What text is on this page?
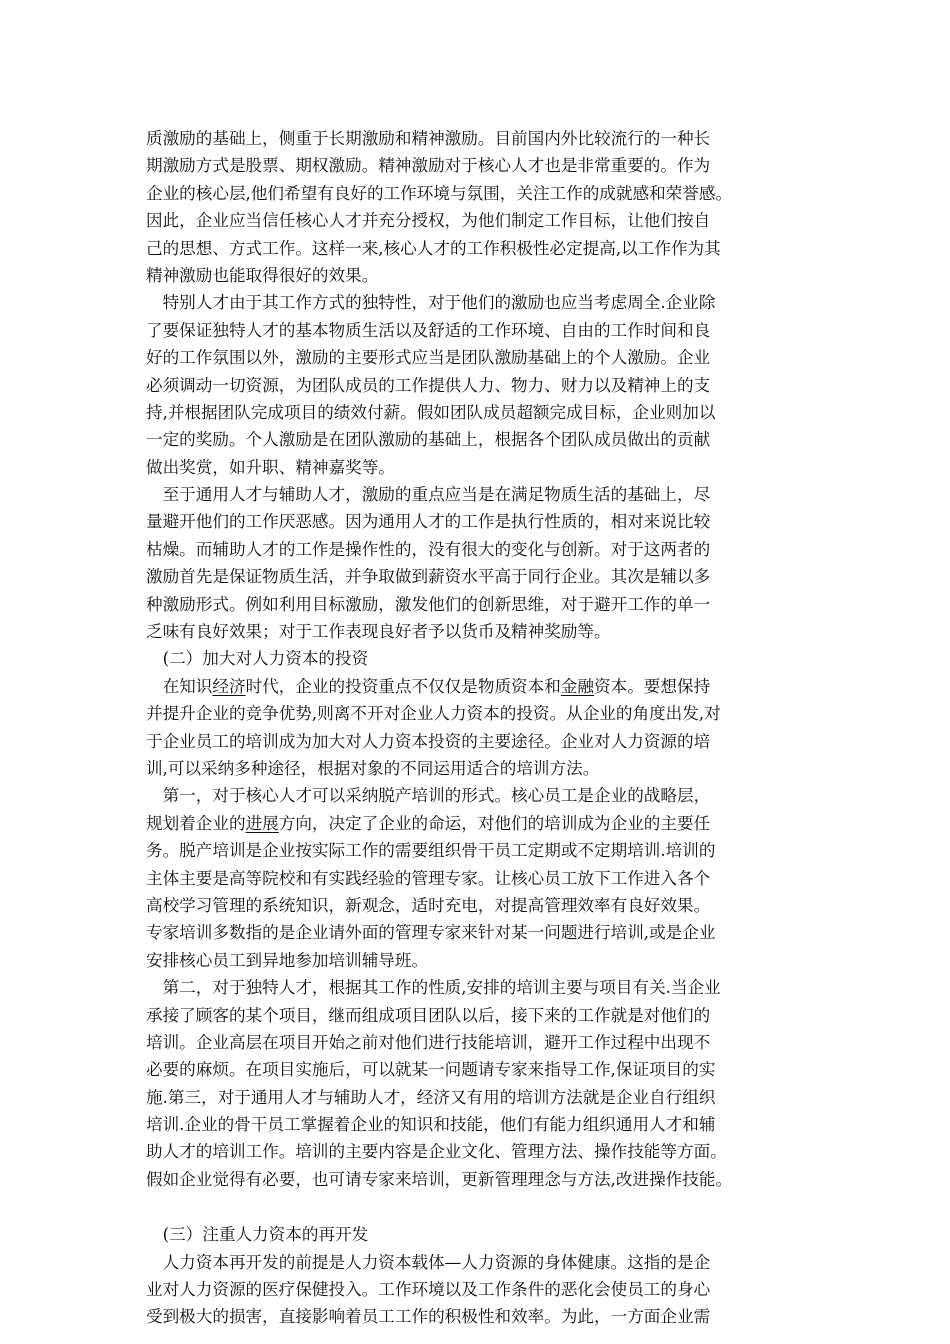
质激励的基础上，侧重于长期激励和精神激励。目前国内外比较流行的一种长
期激励方式是股票、期权激励。精神激励对于核心人才也是非常重要的。作为
企业的核心层,他们希望有良好的工作环境与氛围，关注工作的成就感和荣誉感。
因此，企业应当信任核心人才并充分授权，为他们制定工作目标，让他们按自
己的思想、方式工作。这样一来,核心人才的工作积极性必定提高,以工作作为其
精神激励也能取得很好的效果。
　特别人才由于其工作方式的独特性，对于他们的激励也应当考虑周全.企业除
了要保证独特人才的基本物质生活以及舒适的工作环境、自由的工作时间和良
好的工作氛围以外，激励的主要形式应当是团队激励基础上的个人激励。企业
必须调动一切资源，为团队成员的工作提供人力、物力、财力以及精神上的支
持,并根据团队完成项目的绩效付薪。假如团队成员超额完成目标，企业则加以
一定的奖励。个人激励是在团队激励的基础上，根据各个团队成员做出的贡献
做出奖赏，如升职、精神嘉奖等。
　至于通用人才与辅助人才，激励的重点应当是在满足物质生活的基础上，尽
量避开他们的工作厌恶感。因为通用人才的工作是执行性质的，相对来说比较
枯燥。而辅助人才的工作是操作性的，没有很大的变化与创新。对于这两者的
激励首先是保证物质生活，并争取做到薪资水平高于同行企业。其次是辅以多
种激励形式。例如利用目标激励，激发他们的创新思维，对于避开工作的单一
乏味有良好效果；对于工作表现良好者予以货币及精神奖励等。
　(二）加大对人力资本的投资
　在知识经济时代，企业的投资重点不仅仅是物质资本和金融资本。要想保持
并提升企业的竞争优势,则离不开对企业人力资本的投资。从企业的角度出发,对
于企业员工的培训成为加大对人力资本投资的主要途径。企业对人力资源的培
训,可以采纳多种途径，根据对象的不同运用适合的培训方法。
　第一，对于核心人才可以采纳脱产培训的形式。核心员工是企业的战略层，
规划着企业的进展方向，决定了企业的命运，对他们的培训成为企业的主要任
务。脱产培训是企业按实际工作的需要组织骨干员工定期或不定期培训.培训的
主体主要是高等院校和有实践经验的管理专家。让核心员工放下工作进入各个
高校学习管理的系统知识，新观念，适时充电，对提高管理效率有良好效果。
专家培训多数指的是企业请外面的管理专家来针对某一问题进行培训,或是企业
安排核心员工到异地参加培训辅导班。
　第二，对于独特人才，根据其工作的性质,安排的培训主要与项目有关.当企业
承接了顾客的某个项目，继而组成项目团队以后，接下来的工作就是对他们的
培训。企业高层在项目开始之前对他们进行技能培训，避开工作过程中出现不
必要的麻烦。在项目实施后，可以就某一问题请专家来指导工作,保证项目的实
施.第三，对于通用人才与辅助人才，经济又有用的培训方法就是企业自行组织
培训.企业的骨干员工掌握着企业的知识和技能，他们有能力组织通用人才和辅
助人才的培训工作。培训的主要内容是企业文化、管理方法、操作技能等方面。
假如企业觉得有必要，也可请专家来培训，更新管理理念与方法,改进操作技能。
　(三）注重人力资本的再开发
　人力资本再开发的前提是人力资本载体—人力资源的身体健康。这指的是企
业对人力资源的医疗保健投入。工作环境以及工作条件的恶化会使员工的身心
受到极大的损害，直接影响着员工工作的积极性和效率。为此，一方面企业需
